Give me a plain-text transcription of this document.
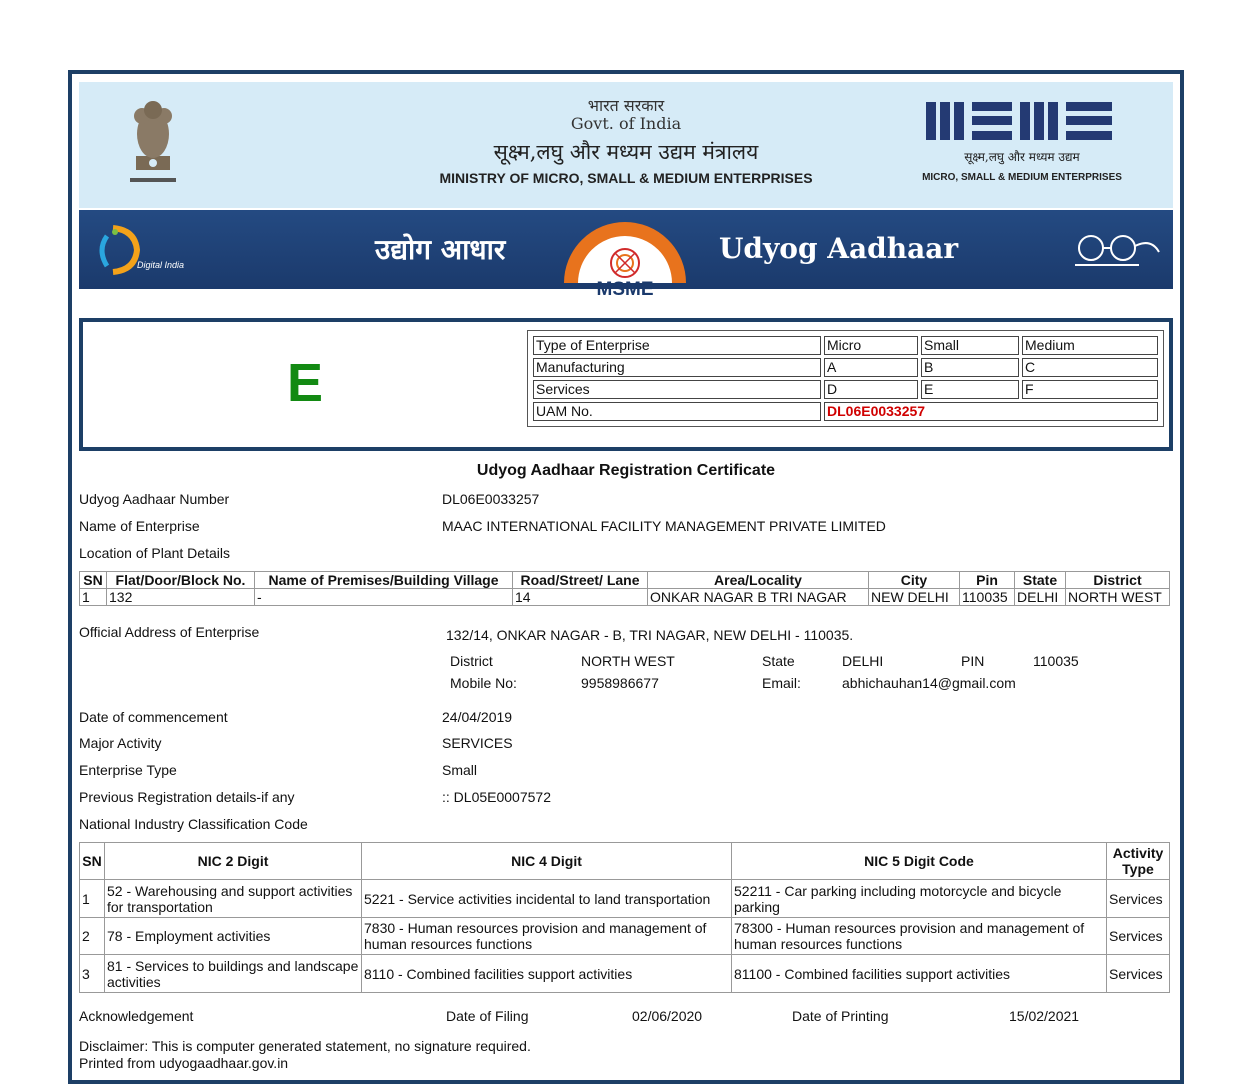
भारत सरकार
Govt. of India
सूक्ष्म,लघु और मध्यम उद्यम मंत्रालय
MINISTRY OF MICRO, SMALL & MEDIUM ENTERPRISES
सूक्ष्म,लघु और मध्यम उद्यम
MICRO, SMALL & MEDIUM ENTERPRISES
Digital India	उद्योग आधार	Udyog Aadhaar
MSME
E
Type of Enterprise	Micro	Small	Medium
Manufacturing	A	B	C
Services	D	E	F
UAM No.	DL06E0033257		
Udyog Aadhaar Registration Certificate
Udyog Aadhaar Number	DL06E0033257
Name of Enterprise	MAAC INTERNATIONAL FACILITY MANAGEMENT PRIVATE LIMITED
Location of Plant Details
SN	Flat/Door/Block No.	Name of Premises/Building Village	Road/Street/ Lane	Area/Locality	City	Pin	State	District
1	132	-	14	ONKAR NAGAR B TRI NAGAR	NEW DELHI	110035	DELHI	NORTH WEST
Official Address of Enterprise	132/14, ONKAR NAGAR - B, TRI NAGAR, NEW DELHI - 110035.
District	NORTH WEST	State	DELHI	PIN	110035
Mobile No:	9958986677	Email:	abhichauhan14@gmail.com
Date of commencement	24/04/2019
Major Activity	SERVICES
Enterprise Type	Small
Previous Registration details-if any	:: DL05E0007572
National Industry Classification Code
SN	NIC 2 Digit	NIC 4 Digit	NIC 5 Digit Code	Activity Type
1	52 - Warehousing and support activities for transportation	5221 - Service activities incidental to land transportation	52211 - Car parking including motorcycle and bicycle parking	Services
2	78 - Employment activities	7830 - Human resources provision and management of human resources functions	78300 - Human resources provision and management of human resources functions	Services
3	81 - Services to buildings and landscape activities	8110 - Combined facilities support activities	81100 - Combined facilities support activities	Services
Acknowledgement	Date of Filing	02/06/2020	Date of Printing	15/02/2021
Disclaimer: This is computer generated statement, no signature required.
Printed from udyogaadhaar.gov.in
